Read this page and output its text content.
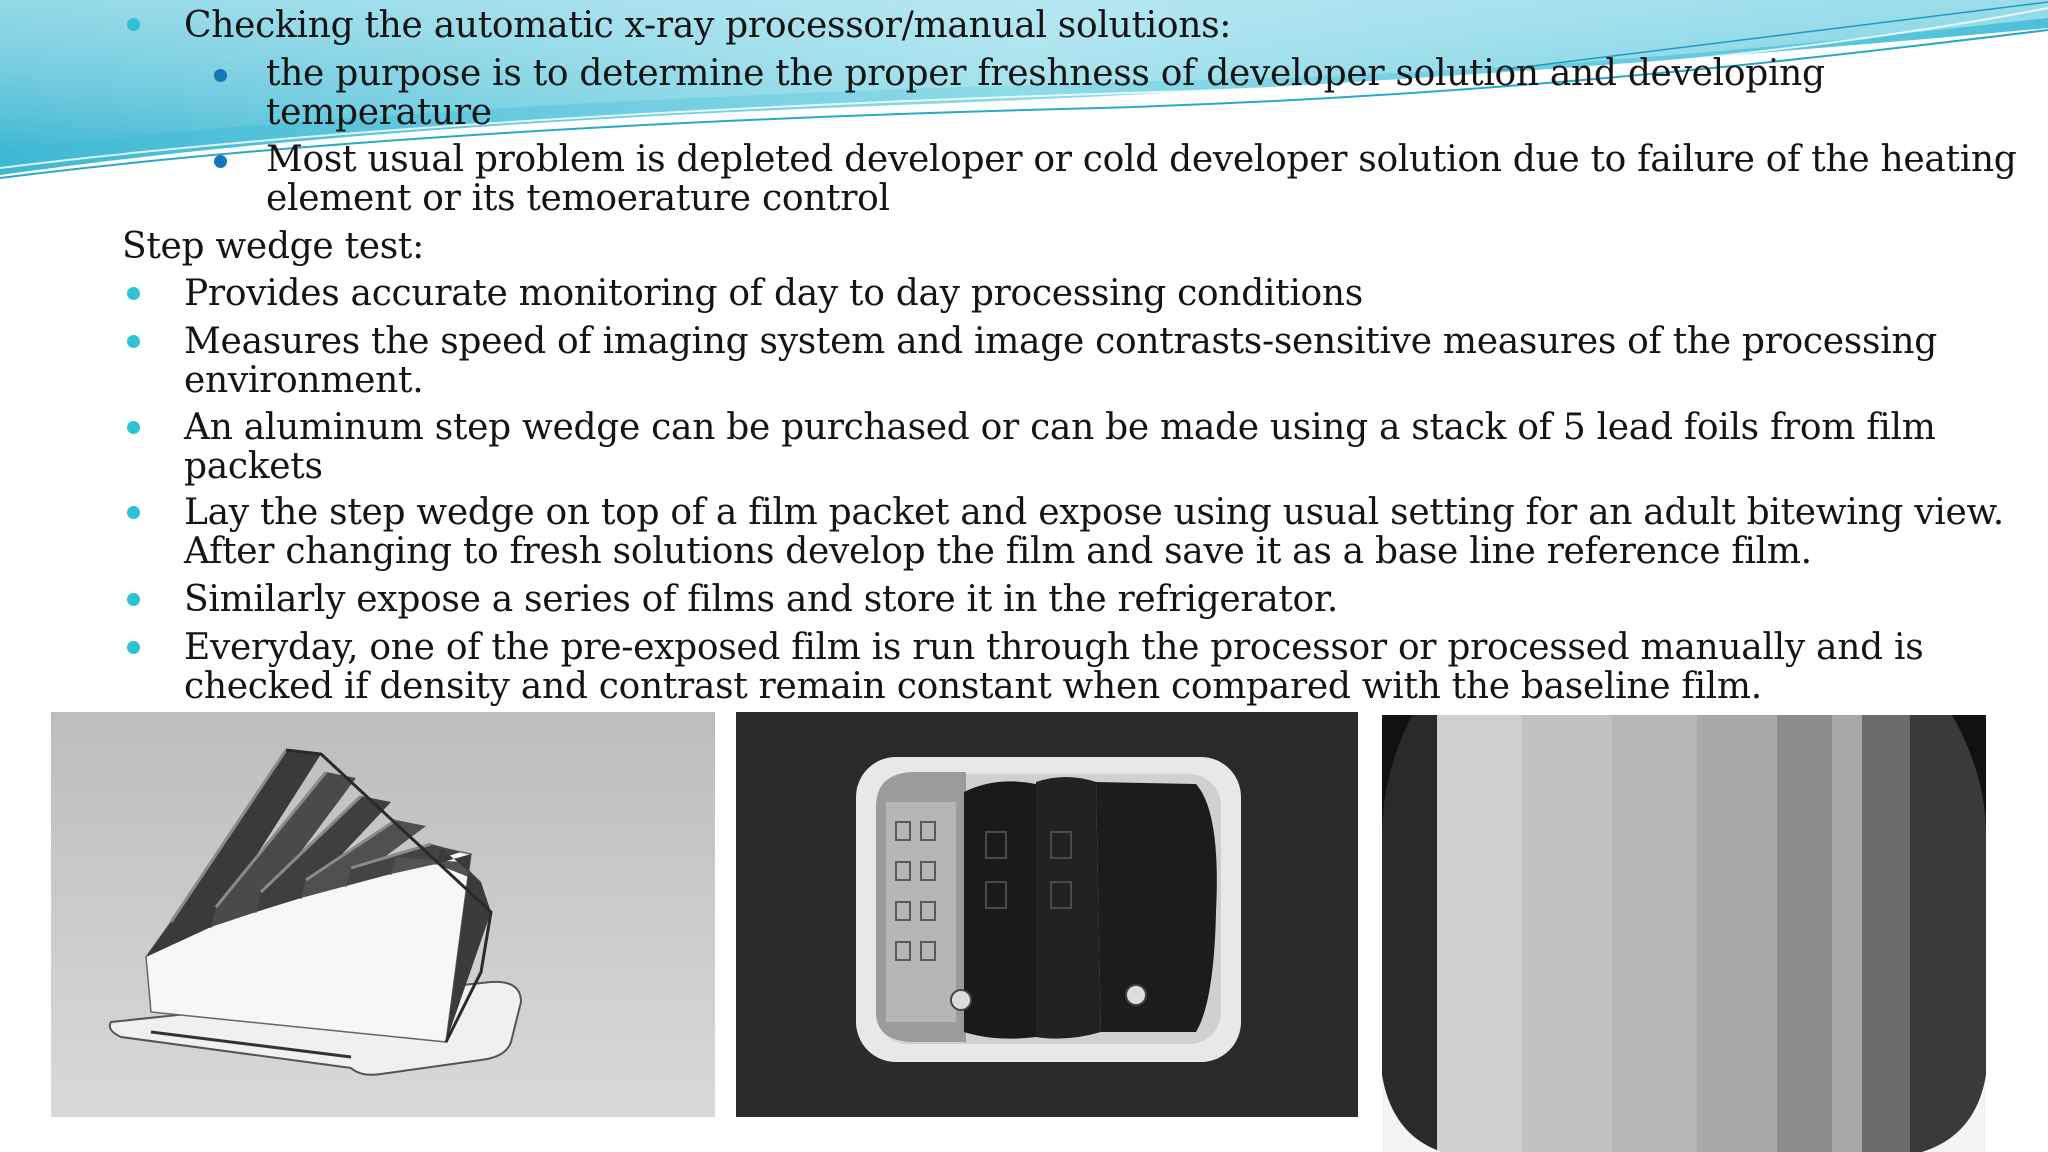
Checking the automatic x-ray processor/manual solutions:
the purpose is to determine the proper freshness of developer solution and developing
temperature
Most usual problem is depleted developer or cold developer solution due to failure of the heating
element or its temoerature control
Step wedge test:
Provides accurate monitoring of day to day processing conditions
Measures the speed of imaging system and image contrasts-sensitive measures of the processing
environment.
An aluminum step wedge can be purchased or can be made using a stack of 5 lead foils from film
packets
Lay the step wedge on top of a film packet and expose using usual setting for an adult bitewing view.
After changing to fresh solutions develop the film and save it as a base line reference film.
Similarly expose a series of films and store it in the refrigerator.
Everyday, one of the pre-exposed film is run through the processor or processed manually and is
checked if density and contrast remain constant when compared with the baseline film.
